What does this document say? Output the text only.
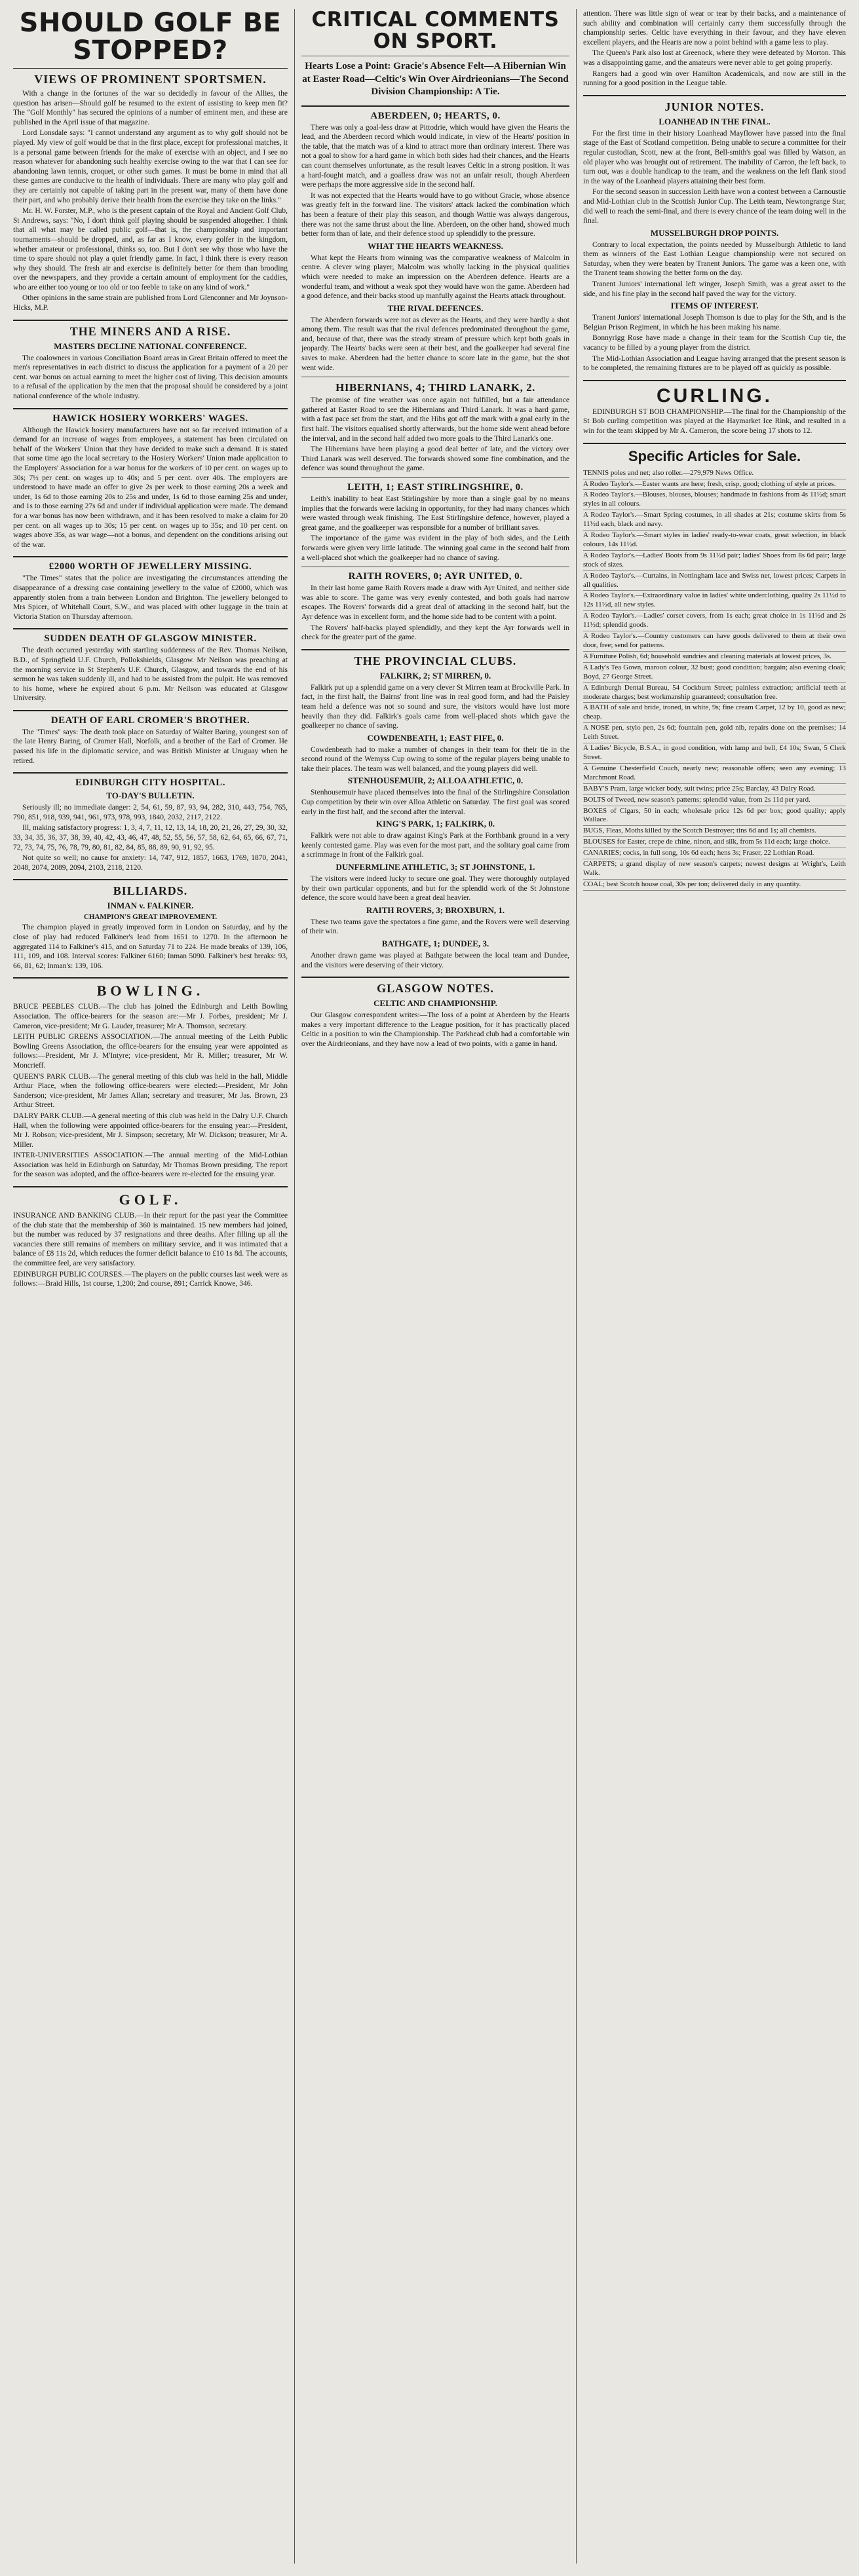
SHOULD GOLF BE STOPPED?
VIEWS OF PROMINENT SPORTSMEN.

With a change in the fortunes of the war so decidedly in favour of the Allies, the question has arisen—Should golf be resumed to the extent of assisting to keep men fit? The "Golf Monthly" has secured the opinions of a number of eminent men, and these are published in the April issue of that magazine.

Lord Lonsdale says: "I cannot understand any argument as to why golf should not be played. My view of golf would be that in the first place, except for professional matches, it is a personal game between friends for the make of exercise with an object, and I see no reason whatever for abandoning such healthy exercise owing to the war that I can see for abandoning lawn tennis, croquet, or other such games. It must be borne in mind that all these games are conducive to the health of individuals. There are many who play golf and they are certainly not capable of taking part in the present war, many of them have done their part, and who probably derive their health from the exercise they take on the links."

Mr. H. W. Forster, M.P., who is the present captain of the Royal and Ancient Golf Club, St Andrews, says: "No, I don't think golf playing should be suspended altogether. I think that all what may be called public golf—that is, the championship and important tournaments—should be dropped, and, as far as I know, every golfer in the kingdom, whether amateur or professional, thinks so, too. But I don't see why those who have the time to spare should not play a quiet friendly game. In fact, I think there is every reason why they should. The fresh air and exercise is definitely better for them than brooding over the newspapers, and they provide a certain amount of employment for the caddies, who are either too young or too old or too feeble to take on any kind of work."

Other opinions in the same strain are published from Lord Glenconner and Mr Joynson-Hicks, M.P.

THE MINERS AND A RISE.
MASTERS DECLINE NATIONAL CONFERENCE.

The coalowners in various Conciliation Board areas in Great Britain offered to meet the men's representatives in each district to discuss the application for a payment of a 20 per cent. war bonus on actual earning to meet the higher cost of living. This decision amounts to a refusal of the application by the men that the proposal should be considered by a joint national conference of the whole industry.

HAWICK HOSIERY WORKERS' WAGES.

Although the Hawick hosiery manufacturers have not so far received intimation of a demand for an increase of wages from employees, a statement has been circulated on behalf of the Workers' Union that they have decided to make such a demand. It is stated that some time ago the local secretary to the Hosiery Workers' Union made application to the Employers' Association for a war bonus for the workers of 10 per cent. on wages up to 30s; 7½ per cent. on wages up to 40s; and 5 per cent. over 40s. The employers are understood to have made an offer to give 2s per week to those earning 20s a week and under, 1s 6d to those earning 20s to 25s and under, 1s 6d to those earning 25s and under, and 1s to those earning 27s 6d and under if individual application were made. The demand for a war bonus has now been withdrawn, and it has been resolved to make a claim for 20 per cent. on all wages up to 30s; 15 per cent. on wages up to 35s; and 10 per cent. on wages above 35s, as war wage—not a bonus, and dependent on the conditions arising out of the war.

£2000 WORTH OF JEWELLERY MISSING.

"The Times" states that the police are investigating the circumstances attending the disappearance of a dressing case containing jewellery to the value of £2000, which was apparently stolen from a train between London and Brighton. The jewellery belonged to Mrs Spicer, of Whitehall Court, S.W., and was placed with other luggage in the train at Victoria Station on Thursday afternoon.

SUDDEN DEATH OF GLASGOW MINISTER.

The death occurred yesterday with startling suddenness of the Rev. Thomas Neilson, B.D., of Springfield U.F. Church, Pollokshields, Glasgow. Mr Neilson was preaching at the morning service in St Stephen's U.F. Church, Glasgow, and towards the end of his sermon he was taken suddenly ill, and had to be assisted from the pulpit. He was removed to his home, where he expired about 6 p.m. Mr Neilson was educated at Glasgow University.

DEATH OF EARL CROMER'S BROTHER.

The "Times" says: The death took place on Saturday of Walter Baring, youngest son of the late Henry Baring, of Cromer Hall, Norfolk, and a brother of the Earl of Cromer. He passed his life in the diplomatic service, and was British Minister at Uruguay when he retired.

EDINBURGH CITY HOSPITAL.
TO-DAY'S BULLETIN.

Seriously ill; no immediate danger: 2, 54, 61, 59, 87, 93, 94, 282, 310, 443, 754, 765, 790, 851, 918, 939, 941, 961, 973, 978, 993, 1840, 2032, 2117, 2122.

Ill, making satisfactory progress: 1, 3, 4, 7, 11, 12, 13, 14, 18, 20, 21, 26, 27, 29, 30, 32, 33, 34, 35, 36, 37, 38, 39, 40, 42, 43, 46, 47, 48, 52, 55, 56, 57, 58, 62, 64, 65, 66, 67, 71, 72, 73, 74, 75, 76, 78, 79, 80, 81, 82, 84, 85, 88, 89, 90, 91, 92, 95.

Not quite so well; no cause for anxiety: 14, 747, 912, 1857, 1663, 1769, 1870, 2041, 2048, 2074, 2089, 2094, 2103, 2118, 2120.

BILLIARDS.
INMAN v. FALKINER.
CHAMPION'S GREAT IMPROVEMENT.

The champion played in greatly improved form in London on Saturday, and by the close of play had reduced Falkiner's lead from 1651 to 1270. In the afternoon he aggregated 114 to Falkiner's 415, and on Saturday 71 to 224. He made breaks of 139, 106, 111, 109, and 108. Interval scores: Falkiner 6160; Inman 5090. Falkiner's best breaks: 93, 66, 81, 62; Inman's: 139, 106.

BOWLING.

BRUCE PEEBLES CLUB.—The club has joined the Edinburgh and Leith Bowling Association. The office-bearers for the season are:—Mr J. Forbes, president; Mr J. Cameron, vice-president; Mr G. Lauder, treasurer; Mr A. Thomson, secretary.

LEITH PUBLIC GREENS ASSOCIATION.—The annual meeting of the Leith Public Bowling Greens Association, the office-bearers for the ensuing year were appointed as follows:—President, Mr J. M'Intyre; vice-president, Mr R. Miller; treasurer, Mr W. Moncrieff.

QUEEN'S PARK CLUB.—The general meeting of this club was held in the hall, Middle Arthur Place, when the following office-bearers were elected:—President, Mr John Sanderson; vice-president, Mr James Allan; secretary and treasurer, Mr Jas. Brown, 23 Arthur Street.

DALRY PARK CLUB.—A general meeting of this club was held in the Dalry U.F. Church Hall, when the following were appointed office-bearers for the ensuing year:—President, Mr J. Robson; vice-president, Mr J. Simpson; secretary, Mr W. Dickson; treasurer, Mr A. Miller.

INTER-UNIVERSITIES ASSOCIATION.—The annual meeting of the Mid-Lothian Association was held in Edinburgh on Saturday, Mr Thomas Brown presiding. The report for the season was adopted, and the office-bearers were re-elected for the ensuing year.

GOLF.

INSURANCE AND BANKING CLUB.—In their report for the past year the Committee of the club state that the membership of 360 is maintained. 15 new members had joined, but the number was reduced by 37 resignations and three deaths. After filling up all the vacancies there still remains of members on military service, and it was intimated that a balance of £8 11s 2d, which reduces the former deficit balance to £10 1s 8d. The accounts, the committee feel, are very satisfactory.

EDINBURGH PUBLIC COURSES.—The players on the public courses last week were as follows:—Braid Hills, 1st course, 1,200; 2nd course, 891; Carrick Knowe, 346.

CRITICAL COMMENTS ON SPORT.
Hearts Lose a Point: Gracie's Absence Felt—A Hibernian Win at Easter Road—Celtic's Win Over Airdrieonians—The Second Division Championship: A Tie.
ABERDEEN, 0; HEARTS, 0.

There was only a goal-less draw at Pittodrie, which would have given the Hearts the lead, and the Aberdeen record which would indicate, in view of the Hearts' position in the table, that the match was of a kind to attract more than ordinary interest. There was not a goal to show for a hard game in which both sides had their chances, and the Hearts can count themselves unfortunate, as the result leaves Celtic in a strong position. It was a hard-fought match, and a goalless draw was not an unfair result, though Aberdeen were perhaps the more aggressive side in the second half.

It was not expected that the Hearts would have to go without Gracie, whose absence was greatly felt in the forward line. The visitors' attack lacked the combination which has been a feature of their play this season, and though Wattie was always dangerous, there was not the same thrust about the line. Aberdeen, on the other hand, showed much better form than of late, and their defence stood up splendidly to the pressure.

WHAT THE HEARTS WEAKNESS.

What kept the Hearts from winning was the comparative weakness of Malcolm in centre. A clever wing player, Malcolm was wholly lacking in the physical qualities which were needed to make an impression on the Aberdeen defence. Hearts are a wonderful team, and without a weak spot they would have won the game. Aberdeen had a good defence, and their backs stood up manfully against the Hearts attack throughout.

THE RIVAL DEFENCES.

The Aberdeen forwards were not as clever as the Hearts, and they were hardly a shot among them. The result was that the rival defences predominated throughout the game, and, because of that, there was the steady stream of pressure which kept both goals in jeopardy. The Hearts' backs were seen at their best, and the goalkeeper had several fine saves to make. Aberdeen had the better chance to score late in the game, but the shot went wide.

HIBERNIANS, 4; THIRD LANARK, 2.

The promise of fine weather was once again not fulfilled, but a fair attendance gathered at Easter Road to see the Hibernians and Third Lanark. It was a hard game, with a fast pace set from the start, and the Hibs got off the mark with a goal early in the first half. The visitors equalised shortly afterwards, but the home side went ahead before the interval, and in the second half added two more goals to the Third Lanark's one.

The Hibernians have been playing a good deal better of late, and the victory over Third Lanark was well deserved. The forwards showed some fine combination, and the defence was sound throughout the game.

LEITH, 1; EAST STIRLINGSHIRE, 0.

Leith's inability to beat East Stirlingshire by more than a single goal by no means implies that the forwards were lacking in opportunity, for they had many chances which were wasted through weak finishing. The East Stirlingshire defence, however, played a great game, and the goalkeeper was responsible for a number of brilliant saves.

The importance of the game was evident in the play of both sides, and the Leith forwards were given very little latitude. The winning goal came in the second half from a well-placed shot which the goalkeeper had no chance of saving.

RAITH ROVERS, 0; AYR UNITED, 0.

In their last home game Raith Rovers made a draw with Ayr United, and neither side was able to score. The game was very evenly contested, and both goals had narrow escapes. The Rovers' forwards did a great deal of attacking in the second half, but the Ayr defence was in excellent form, and the home side had to be content with a point.

The Rovers' half-backs played splendidly, and they kept the Ayr forwards well in check for the greater part of the game.

THE PROVINCIAL CLUBS.
FALKIRK, 2; ST MIRREN, 0.

Falkirk put up a splendid game on a very clever St Mirren team at Brockville Park. In fact, in the first half, the Bairns' front line was in real good form, and had the Paisley team held a defence was not so sound and sure, the visitors would have lost more heavily than they did. Falkirk's goals came from well-placed shots which gave the goalkeeper no chance of saving.

COWDENBEATH, 1; EAST FIFE, 0.

Cowdenbeath had to make a number of changes in their team for their tie in the second round of the Wemyss Cup owing to some of the regular players being unable to take their places. The team was well balanced, and the young players did well.

STENHOUSEMUIR, 2; ALLOA ATHLETIC, 0.

Stenhousemuir have placed themselves into the final of the Stirlingshire Consolation Cup competition by their win over Alloa Athletic on Saturday. The first goal was scored early in the first half, and the second after the interval.

KING'S PARK, 1; FALKIRK, 0.

Falkirk were not able to draw against King's Park at the Forthbank ground in a very keenly contested game. Play was even for the most part, and the solitary goal came from a scrimmage in front of the Falkirk goal.

DUNFERMLINE ATHLETIC, 3; ST JOHNSTONE, 1.

The visitors were indeed lucky to secure one goal. They were thoroughly outplayed by their own particular opponents, and but for the splendid work of the St Johnstone defence, the score would have been a great deal heavier.

RAITH ROVERS, 3; BROXBURN, 1.

These two teams gave the spectators a fine game, and the Rovers were well deserving of their win.

BATHGATE, 1; DUNDEE, 3.

Another drawn game was played at Bathgate between the local team and Dundee, and the visitors were deserving of their victory.

GLASGOW NOTES.
CELTIC AND CHAMPIONSHIP.

Our Glasgow correspondent writes:—The loss of a point at Aberdeen by the Hearts makes a very important difference to the League position, for it has practically placed Celtic in a position to win the Championship. The Parkhead club had a comfortable win over the Airdrieonians, and they have now a lead of two points, with a game in hand.

attention. There was little sign of wear or tear by their backs, and a maintenance of such ability and combination will certainly carry them successfully through the championship series. Celtic have everything in their favour, and they have eleven excellent players, and the Hearts are now a point behind with a game less to play.

The Queen's Park also lost at Greenock, where they were defeated by Morton. This was a disappointing game, and the amateurs were never able to get going properly.

Rangers had a good win over Hamilton Academicals, and now are still in the running for a good position in the League table.

JUNIOR NOTES.
LOANHEAD IN THE FINAL.

For the first time in their history Loanhead Mayflower have passed into the final stage of the East of Scotland competition. Being unable to secure a committee for their regular custodian, Scott, new at the front, Bell-smith's goal was filled by Watson, an old player who was brought out of retirement. The inability of Carron, the left back, to turn out, was a double handicap to the team, and the weakness on the left flank stood in the way of the Loanhead players attaining their best form.

For the second season in succession Leith have won a contest between a Carnoustie and Mid-Lothian club in the Scottish Junior Cup. The Leith team, Newtongrange Star, did well to reach the semi-final, and there is every chance of the team doing well in the final.

MUSSELBURGH DROP POINTS.

Contrary to local expectation, the points needed by Musselburgh Athletic to land them as winners of the East Lothian League championship were not secured on Saturday, when they were beaten by Tranent Juniors. The game was a keen one, with the Tranent team showing the better form on the day.

Tranent Juniors' international left winger, Joseph Smith, was a great asset to the side, and his fine play in the second half paved the way for the victory.

ITEMS OF INTEREST.

Tranent Juniors' international Joseph Thomson is due to play for the Sth, and is the Belgian Prison Regiment, in which he has been making his name.

Bonnyrigg Rose have made a change in their team for the Scottish Cup tie, the vacancy to be filled by a young player from the district.

The Mid-Lothian Association and League having arranged that the present season is to be completed, the remaining fixtures are to be played off as quickly as possible.

CURLING.

EDINBURGH ST BOB CHAMPIONSHIP.—The final for the Championship of the St Bob curling competition was played at the Haymarket Ice Rink, and resulted in a win for the team skipped by Mr A. Cameron, the score being 17 shots to 12.

Specific Articles for Sale.

TENNIS poles and net; also roller.—279,979 News Office.

A Rodeo Taylor's.—Easter wants are here; fresh, crisp, good; clothing of style at prices.

A Rodeo Taylor's.—Blouses, blouses, blouses; handmade in fashions from 4s 11½d; smart styles in all colours.

A Rodeo Taylor's.—Smart Spring costumes, in all shades at 21s; costume skirts from 5s 11½d each, black and navy.

A Rodeo Taylor's.—Smart styles in ladies' ready-to-wear coats, great selection, in black colours, 14s 11½d.

A Rodeo Taylor's.—Ladies' Boots from 9s 11½d pair; ladies' Shoes from 8s 6d pair; large stock of sizes.

A Rodeo Taylor's.—Curtains, in Nottingham lace and Swiss net, lowest prices; Carpets in all qualities.

A Rodeo Taylor's.—Extraordinary value in ladies' white underclothing, quality 2s 11½d to 12s 11½d, all new styles.

A Rodeo Taylor's.—Ladies' corset covers, from 1s each; great choice in 1s 11½d and 2s 11½d; splendid goods.

A Rodeo Taylor's.—Country customers can have goods delivered to them at their own door, free; send for patterns.

A Furniture Polish, 6d; household sundries and cleaning materials at lowest prices, 3s.

A Lady's Tea Gown, maroon colour, 32 bust; good condition; bargain; also evening cloak; Boyd, 27 George Street.

A Edinburgh Dental Bureau, 54 Cockburn Street; painless extraction; artificial teeth at moderate charges; best workmanship guaranteed; consultation free.

A BATH of sale and bride, ironed, in white, 9s; fine cream Carpet, 12 by 10, good as new; cheap.

A NOSE pen, stylo pen, 2s 6d; fountain pen, gold nib, repairs done on the premises; 14 Leith Street.

A Ladies' Bicycle, B.S.A., in good condition, with lamp and bell, £4 10s; Swan, 5 Clerk Street.

A Genuine Chesterfield Couch, nearly new; reasonable offers; seen any evening; 13 Marchmont Road.

BABY'S Pram, large wicker body, suit twins; price 25s; Barclay, 43 Dalry Road.

BOLTS of Tweed, new season's patterns; splendid value, from 2s 11d per yard.

BOXES of Cigars, 50 in each; wholesale price 12s 6d per box; good quality; apply Wallace.

BUGS, Fleas, Moths killed by the Scotch Destroyer; tins 6d and 1s; all chemists.

BLOUSES for Easter, crepe de chine, ninon, and silk, from 5s 11d each; large choice.

CANARIES; cocks, in full song, 10s 6d each; hens 3s; Fraser, 22 Lothian Road.

CARPETS; a grand display of new season's carpets; newest designs at Wright's, Leith Walk.

COAL; best Scotch house coal, 30s per ton; delivered daily in any quantity.
